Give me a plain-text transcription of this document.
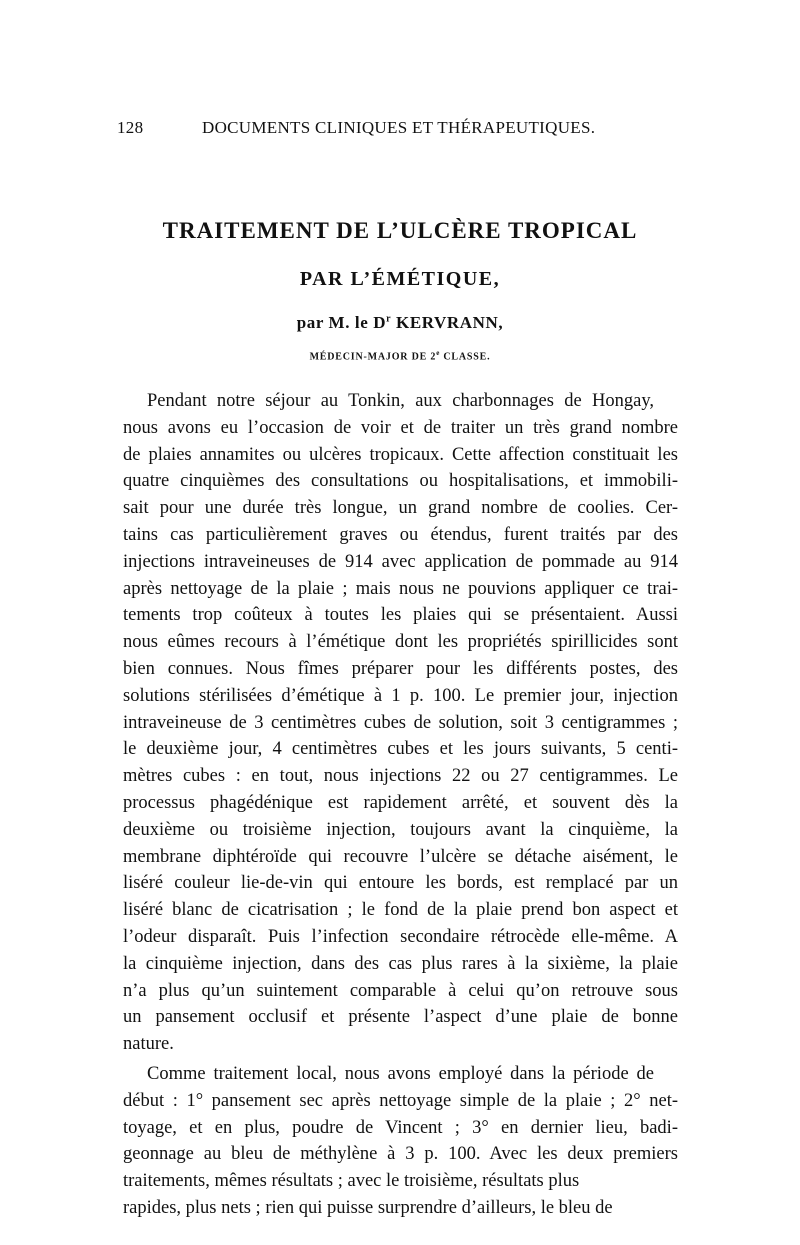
128	DOCUMENTS CLINIQUES ET THÉRAPEUTIQUES.
TRAITEMENT DE L’ULCÈRE TROPICAL
PAR L’ÉMÉTIQUE,
par M. le $D^r$ KERVRANN,
MÉDECIN-MAJOR DE 2e CLASSE.

Pendant notre séjour au Tonkin, aux charbonnages de Hongay,
nous avons eu l’occasion de voir et de traiter un très grand nombre
de plaies annamites ou ulcères tropicaux. Cette affection constituait les
quatre cinquièmes des consultations ou hospitalisations, et immobili-
sait pour une durée très longue, un grand nombre de coolies. Cer-
tains cas particulièrement graves ou étendus, furent traités par des
injections intraveineuses de 914 avec application de pommade au 914
après nettoyage de la plaie ; mais nous ne pouvions appliquer ce trai-
tements trop coûteux à toutes les plaies qui se présentaient. Aussi
nous eûmes recours à l’émétique dont les propriétés spirillicides sont
bien connues. Nous fîmes préparer pour les différents postes, des
solutions stérilisées d’émétique à 1 p. 100. Le premier jour, injection
intraveineuse de 3 centimètres cubes de solution, soit 3 centigrammes ;
le deuxième jour, 4 centimètres cubes et les jours suivants, 5 centi-
mètres cubes : en tout, nous injections 22 ou 27 centigrammes. Le
processus phagédénique est rapidement arrêté, et souvent dès la
deuxième ou troisième injection, toujours avant la cinquième, la
membrane diphtéroïde qui recouvre l’ulcère se détache aisément, le
liséré couleur lie-de-vin qui entoure les bords, est remplacé par un
liséré blanc de cicatrisation ; le fond de la plaie prend bon aspect et
l’odeur disparaît. Puis l’infection secondaire rétrocède elle-même. A
la cinquième injection, dans des cas plus rares à la sixième, la plaie
n’a plus qu’un suintement comparable à celui qu’on retrouve sous
un pansement occlusif et présente l’aspect d’une plaie de bonne
nature.

Comme traitement local, nous avons employé dans la période de
début : 1° pansement sec après nettoyage simple de la plaie ; 2° net-
toyage, et en plus, poudre de Vincent ; 3° en dernier lieu, badi-
geonnage au bleu de méthylène à 3 p. 100. Avec les deux premiers
traitements, mêmes résultats ; avec le troisième, résultats plus
rapides, plus nets ; rien qui puisse surprendre d’ailleurs, le bleu de
